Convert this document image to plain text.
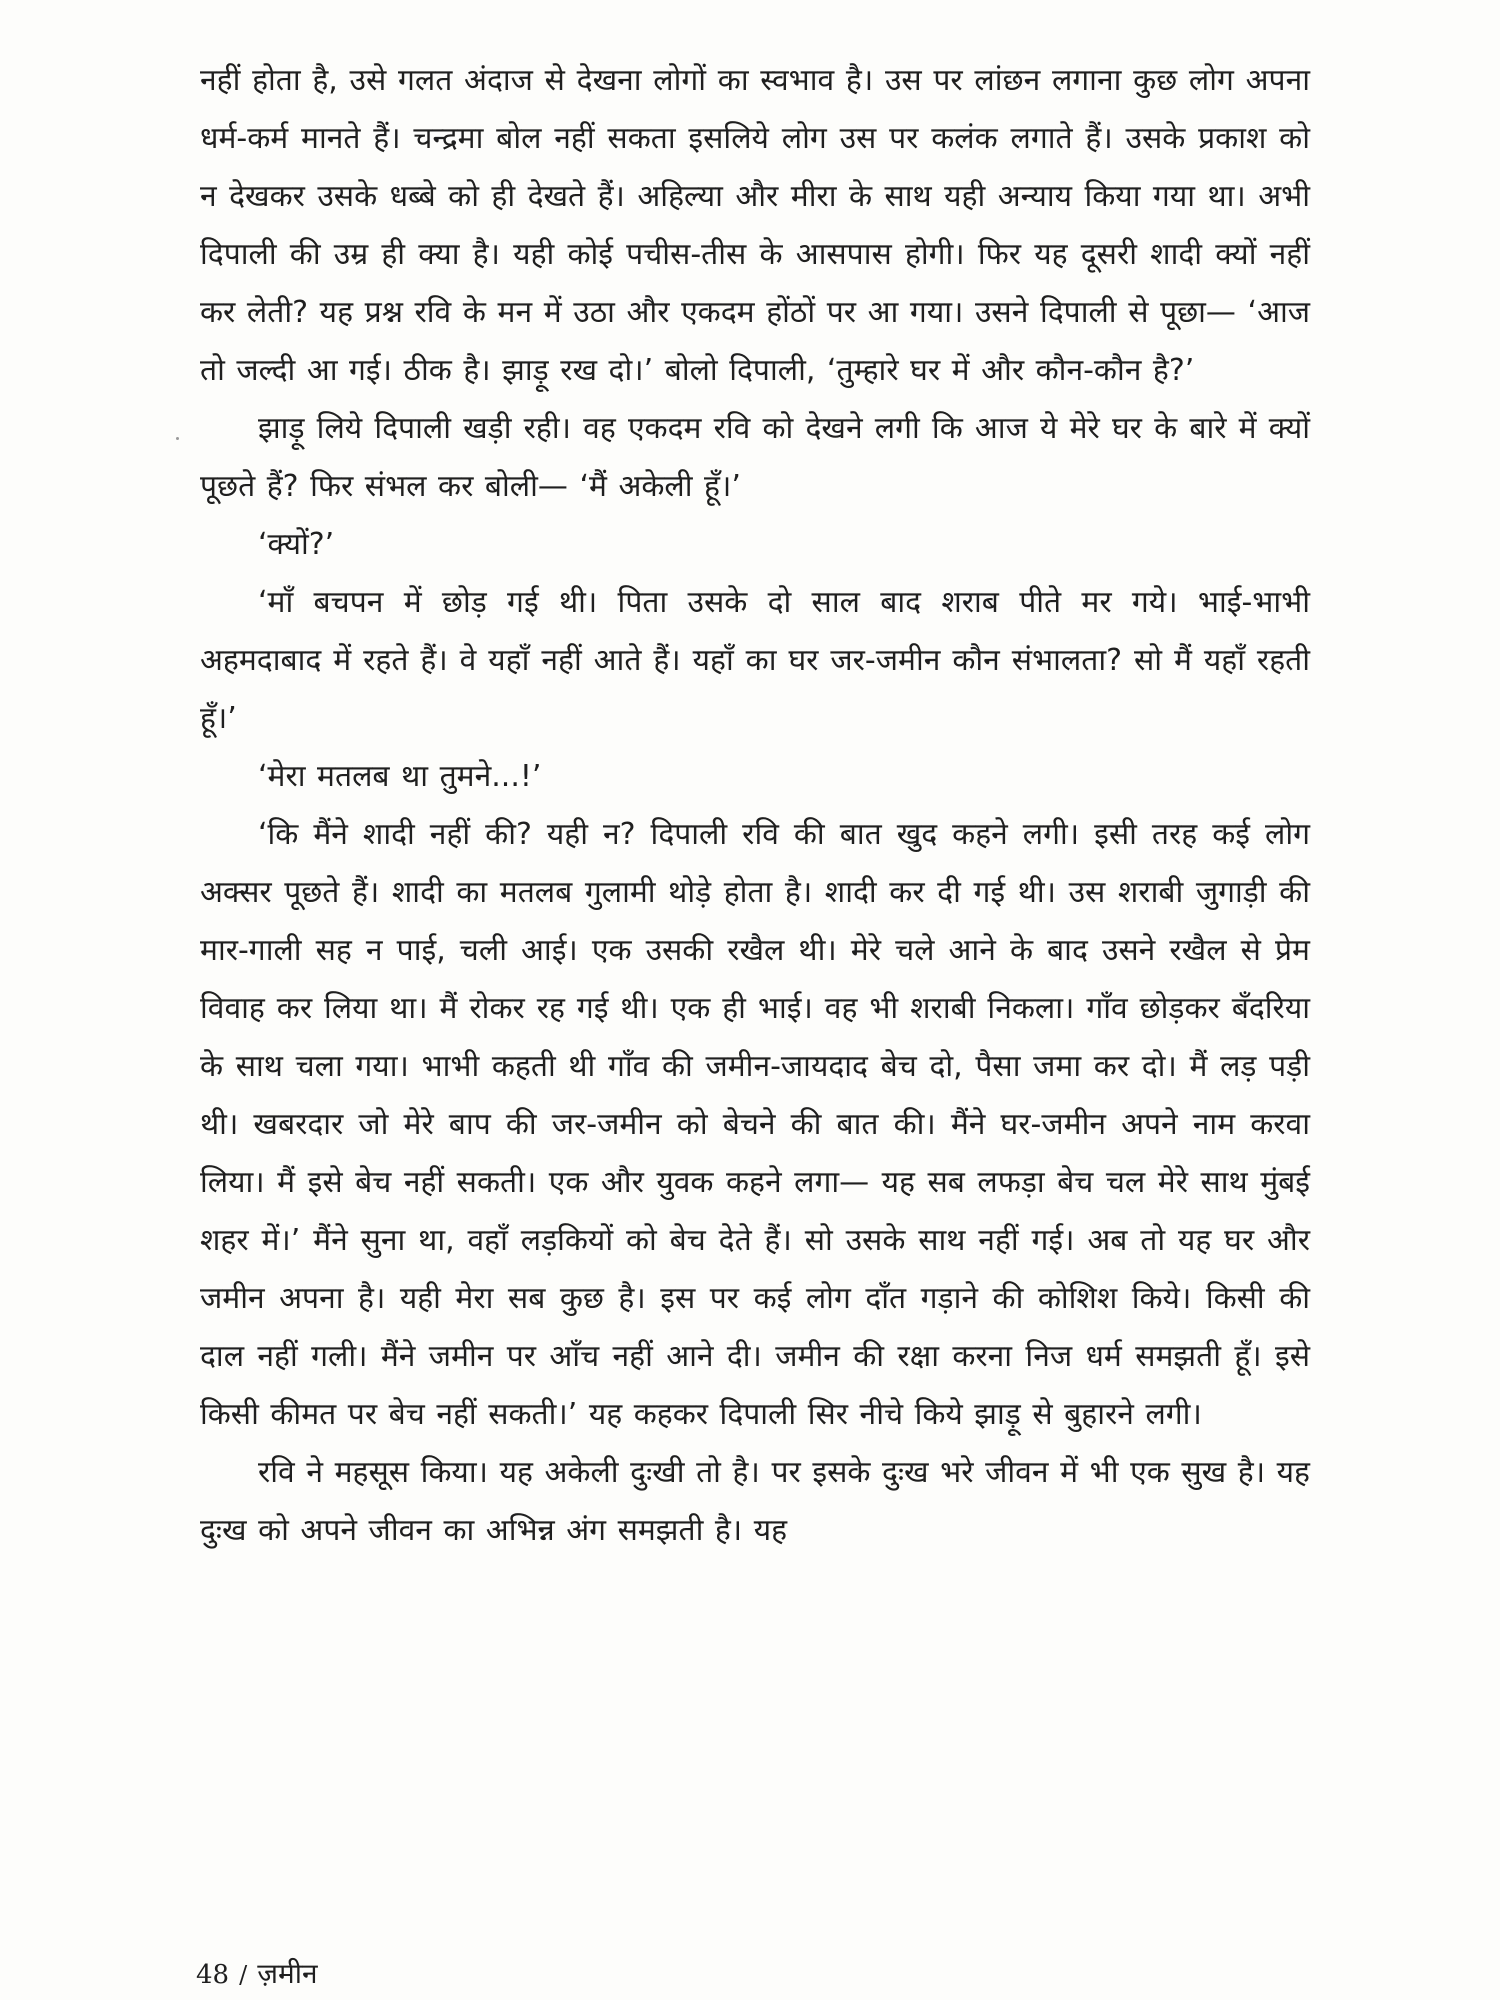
नहीं होता है, उसे गलत अंदाज से देखना लोगों का स्वभाव है। उस पर लांछन लगाना कुछ लोग अपना धर्म-कर्म मानते हैं। चन्द्रमा बोल नहीं सकता इसलिये लोग उस पर कलंक लगाते हैं। उसके प्रकाश को न देखकर उसके धब्बे को ही देखते हैं। अहिल्या और मीरा के साथ यही अन्याय किया गया था। अभी दिपाली की उम्र ही क्या है। यही कोई पचीस-तीस के आसपास होगी। फिर यह दूसरी शादी क्यों नहीं कर लेती? यह प्रश्न रवि के मन में उठा और एकदम होंठों पर आ गया। उसने दिपाली से पूछा— ‘आज तो जल्दी आ गई। ठीक है। झाड़ू रख दो।’ बोलो दिपाली, ‘तुम्हारे घर में और कौन-कौन है?’

झाड़ू लिये दिपाली खड़ी रही। वह एकदम रवि को देखने लगी कि आज ये मेरे घर के बारे में क्यों पूछते हैं? फिर संभल कर बोली— ‘मैं अकेली हूँ।’

‘क्यों?’

‘माँ बचपन में छोड़ गई थी। पिता उसके दो साल बाद शराब पीते मर गये। भाई-भाभी अहमदाबाद में रहते हैं। वे यहाँ नहीं आते हैं। यहाँ का घर जर-जमीन कौन संभालता? सो मैं यहाँ रहती हूँ।’

‘मेरा मतलब था तुमने...!’

‘कि मैंने शादी नहीं की? यही न? दिपाली रवि की बात खुद कहने लगी। इसी तरह कई लोग अक्सर पूछते हैं। शादी का मतलब गुलामी थोड़े होता है। शादी कर दी गई थी। उस शराबी जुगाड़ी की मार-गाली सह न पाई, चली आई। एक उसकी रखैल थी। मेरे चले आने के बाद उसने रखैल से प्रेम विवाह कर लिया था। मैं रोकर रह गई थी। एक ही भाई। वह भी शराबी निकला। गाँव छोड़कर बँदरिया के साथ चला गया। भाभी कहती थी गाँव की जमीन-जायदाद बेच दो, पैसा जमा कर दो। मैं लड़ पड़ी थी। खबरदार जो मेरे बाप की जर-जमीन को बेचने की बात की। मैंने घर-जमीन अपने नाम करवा लिया। मैं इसे बेच नहीं सकती। एक और युवक कहने लगा— यह सब लफड़ा बेच चल मेरे साथ मुंबई शहर में।’ मैंने सुना था, वहाँ लड़कियों को बेच देते हैं। सो उसके साथ नहीं गई। अब तो यह घर और जमीन अपना है। यही मेरा सब कुछ है। इस पर कई लोग दाँत गड़ाने की कोशिश किये। किसी की दाल नहीं गली। मैंने जमीन पर आँच नहीं आने दी। जमीन की रक्षा करना निज धर्म समझती हूँ। इसे किसी कीमत पर बेच नहीं सकती।’ यह कहकर दिपाली सिर नीचे किये झाड़ू से बुहारने लगी।

रवि ने महसूस किया। यह अकेली दुःखी तो है। पर इसके दुःख भरे जीवन में भी एक सुख है। यह दुःख को अपने जीवन का अभिन्न अंग समझती है। यह

48 / ज़मीन
